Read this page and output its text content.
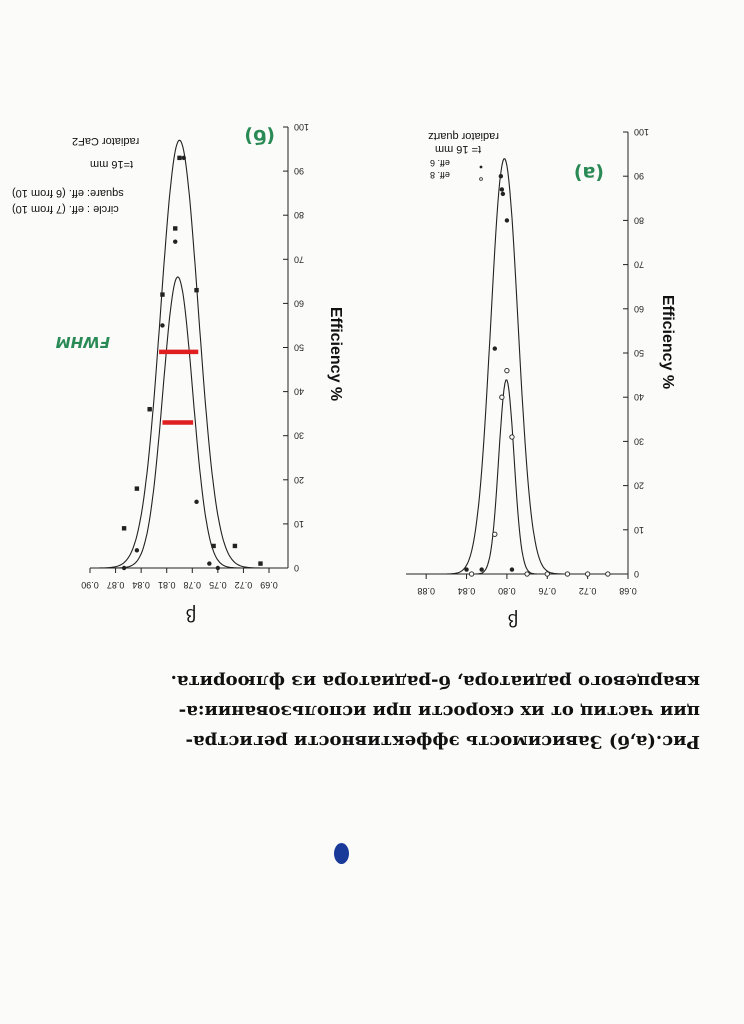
0
10
20
30
40
50
60
70
80
90
100
0.68
0.72
0.76
0.80
0.84
0.88
Efficiency %
β
radiator quartz
t= 16 mm
eff. 6
eff. 8	(а)
0
10
20
30
40
50
60
70
80
90
100
0.69
0.72
0.75
0.78
0.81
0.84
0.87
0.90
Efficiency %
β
radiator CaF2
t=16 mm
square: eff. (6 from 10)
circle : eff. (7 from 10)
(б)
FWHM
Рис.(а,б) Зависимость эффективности регистра-
ции частиц от их скорости при использовании:а-
кварцевого радиатора, б-радиатора из флюорита.
